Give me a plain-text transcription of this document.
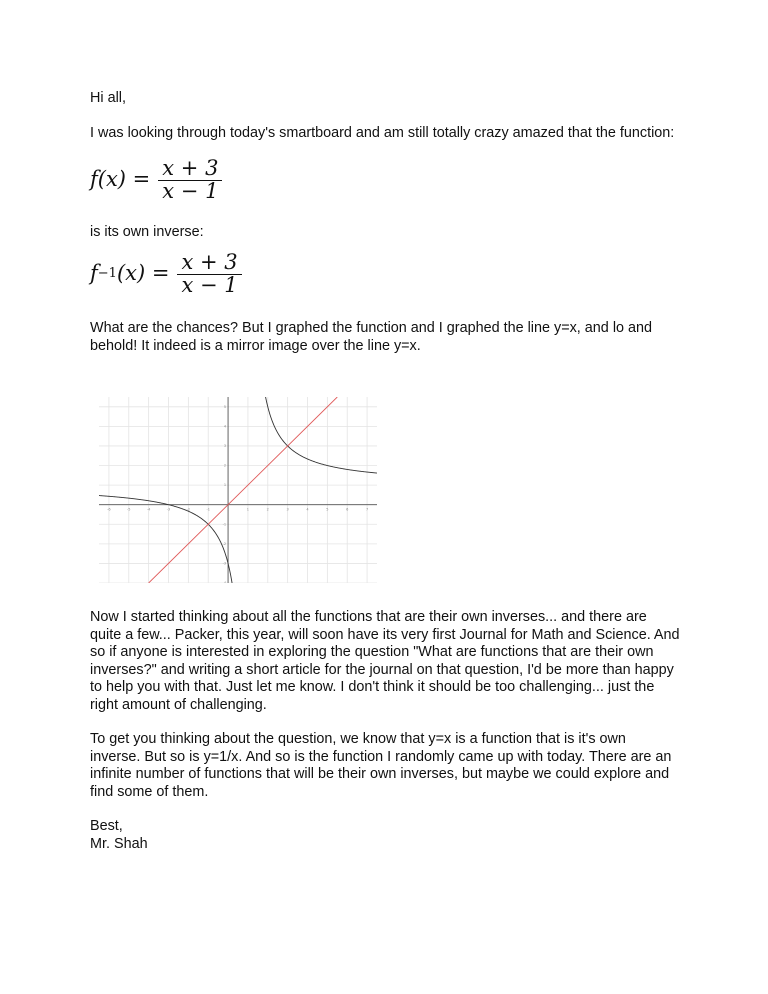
Hi all,

I was looking through today's smartboard and am still totally crazy amazed that the function:

$f(x) = \frac{x + 3}{x - 1}$

is its own inverse:

f −1 $(x) = \frac{x + 3}{x - 1}$

What are the chances? But I graphed the function and I graphed the line y=x, and lo and behold! It indeed is a mirror image over the line y=x.

Now I started thinking about all the functions that are their own inverses... and there are quite a few... Packer, this year, will soon have its very first Journal for Math and Science. And so if anyone is interested in exploring the question "What are functions that are their own inverses?" and writing a short article for the journal on that question, I'd be more than happy to help you with that. Just let me know. I don't think it should be too challenging... just the right amount of challenging.

To get you thinking about the question, we know that y=x is a function that is it's own inverse. But so is y=1/x. And so is the function I randomly came up with today. There are an infinite number of functions that will be their own inverses, but maybe we could explore and find some of them.

Best,

Mr. Shah

-6	-5	-4	-3	-2	-1	1	2	3	4	5	6	7
-4
-3
-2
-1
1
2
3
4
5
